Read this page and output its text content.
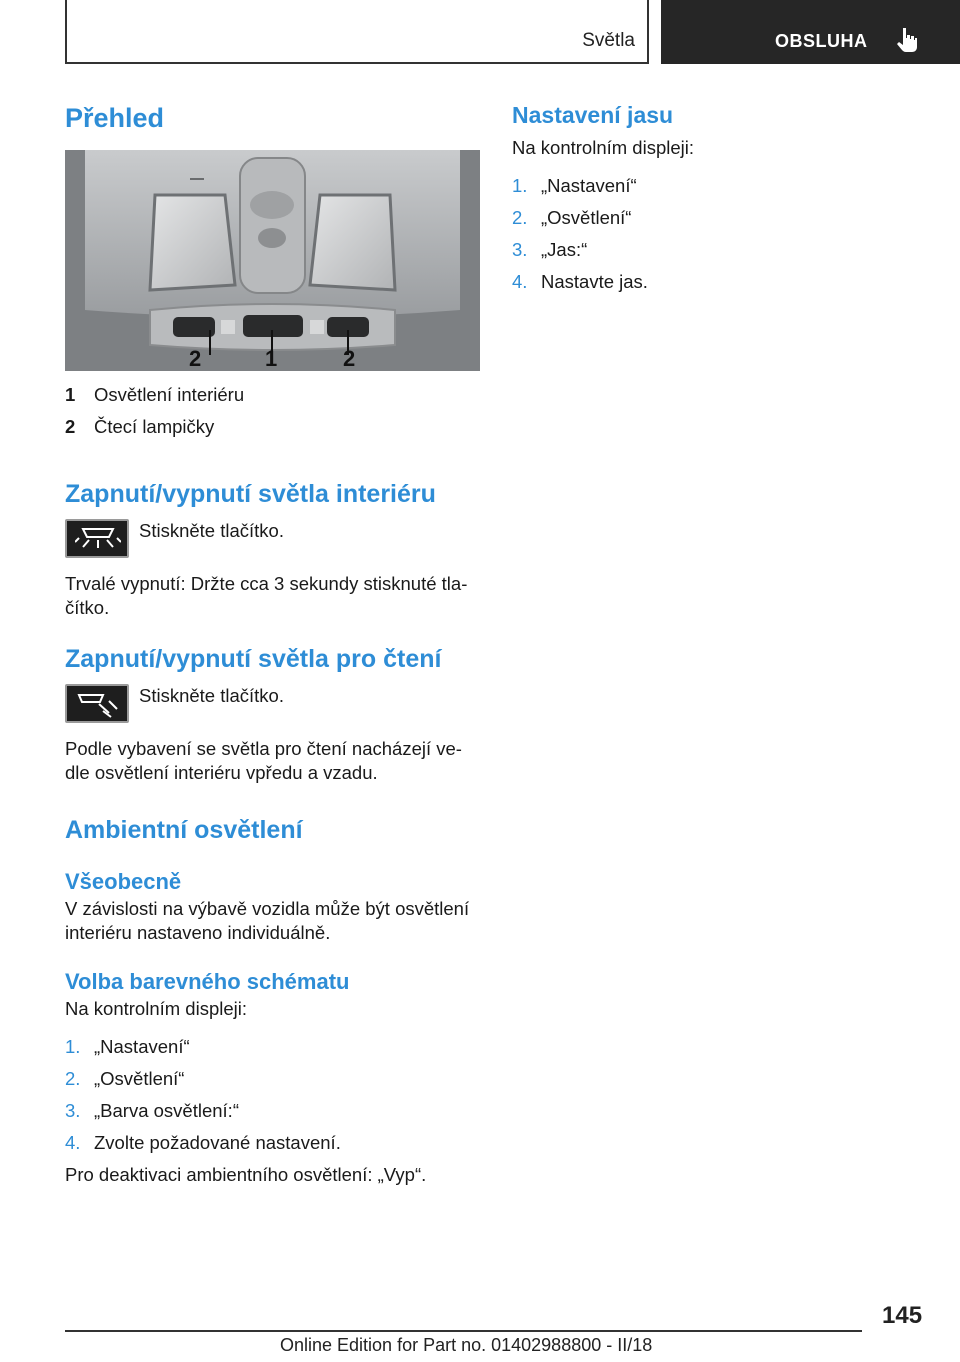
Světla	OBSLUHA
Přehled
2	1	2
1	Osvětlení interiéru
2	Čtecí lampičky
Zapnutí/vypnutí světla interiéru

Stiskněte tlačítko.

Trvalé vypnutí: Držte cca 3 sekundy stisknuté tla-čítko.

Zapnutí/vypnutí světla pro čtení

Stiskněte tlačítko.

Podle vybavení se světla pro čtení nacházejí ve-dle osvětlení interiéru vpředu a vzadu.

Ambientní osvětlení
Všeobecně

V závislosti na výbavě vozidla může být osvětlení interiéru nastaveno individuálně.

Volba barevného schématu

Na kontrolním displeji:

1. „Nastavení“
2. „Osvětlení“
3. „Barva osvětlení:“
4. Zvolte požadované nastavení.

Pro deaktivaci ambientního osvětlení: „Vyp“.

Nastavení jasu

Na kontrolním displeji:

1. „Nastavení“
2. „Osvětlení“
3. „Jas:“
4. Nastavte jas.
145
Online Edition for Part no. 01402988800 - II/18
